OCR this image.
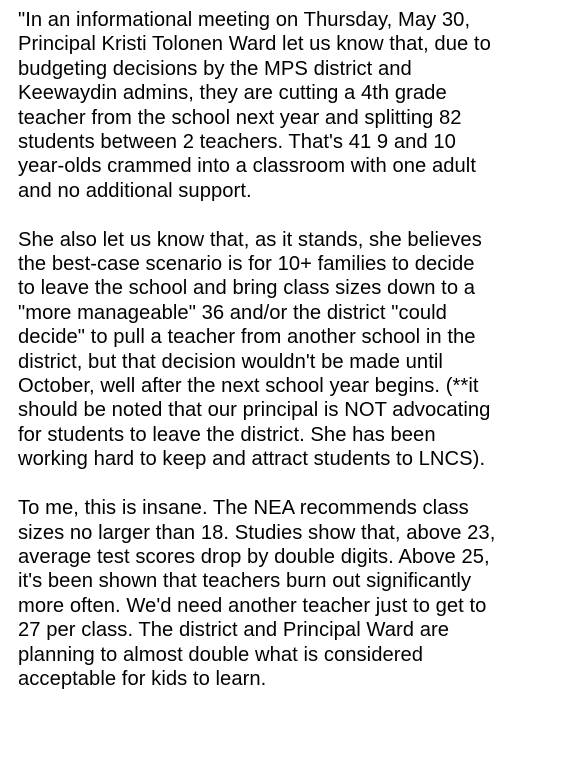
"In an informational meeting on Thursday, May 30,
Principal Kristi Tolonen Ward let us know that, due to
budgeting decisions by the MPS district and
Keewaydin admins, they are cutting a 4th grade
teacher from the school next year and splitting 82
students between 2 teachers. That's 41 9 and 10
year-olds crammed into a classroom with one adult
and no additional support.

She also let us know that, as it stands, she believes
the best-case scenario is for 10+ families to decide
to leave the school and bring class sizes down to a
"more manageable" 36 and/or the district "could
decide" to pull a teacher from another school in the
district, but that decision wouldn't be made until
October, well after the next school year begins. (**it
should be noted that our principal is NOT advocating
for students to leave the district. She has been
working hard to keep and attract students to LNCS).

To me, this is insane. The NEA recommends class
sizes no larger than 18. Studies show that, above 23,
average test scores drop by double digits. Above 25,
it's been shown that teachers burn out significantly
more often. We'd need another teacher just to get to
27 per class. The district and Principal Ward are
planning to almost double what is considered
acceptable for kids to learn.
